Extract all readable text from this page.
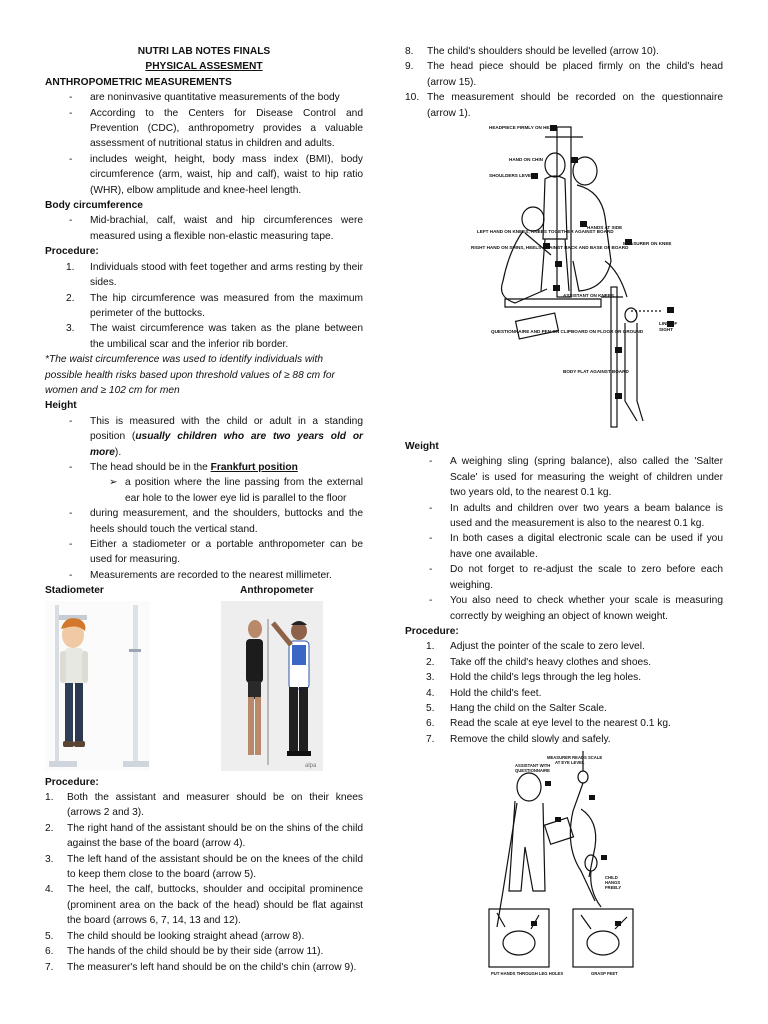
NUTRI LAB NOTES FINALS
PHYSICAL ASSESMENT
ANTHROPOMETRIC MEASUREMENTS
-	are noninvasive quantitative measurements of the body
-	According to the Centers for Disease Control and Prevention (CDC), anthropometry provides a valuable assessment of nutritional status in children and adults.
-	includes weight, height, body mass index (BMI), body circumference (arm, waist, hip and calf), waist to hip ratio (WHR), elbow amplitude and knee-heel length.
Body circumference
-	Mid-brachial, calf, waist and hip circumferences were measured using a flexible non-elastic measuring tape.
Procedure:
1.	Individuals stood with feet together and arms resting by their sides.
2.	The hip circumference was measured from the maximum perimeter of the buttocks.
3.	The waist circumference was taken as the plane between the umbilical scar and the inferior rib border.
*The waist circumference was used to identify individuals with possible health risks based upon threshold values of ≥ 88 cm for women and ≥ 102 cm for men
Height
-	This is measured with the child or adult in a standing position (usually children who are two years old or more).
-	The head should be in the Frankfurt position
➢ a position where the line passing from the external ear hole to the lower eye lid is parallel to the floor
-	during measurement, and the shoulders, buttocks and the heels should touch the vertical stand.
-	Either a stadiometer or a portable anthropometer can be used for measuring.
-	Measurements are recorded to the nearest millimeter.
Stadiometer	Anthropometer
alpa
Procedure:
1.	Both the assistant and measurer should be on their knees (arrows 2 and 3).
2.	The right hand of the assistant should be on the shins of the child against the base of the board (arrow 4).
3.	The left hand of the assistant should be on the knees of the child to keep them close to the board (arrow 5).
4.	The heel, the calf, buttocks, shoulder and occipital prominence (prominent area on the back of the head) should be flat against the board (arrows 6, 7, 14, 13 and 12).
5.	The child should be looking straight ahead (arrow 8).
6.	The hands of the child should be by their side (arrow 11).
7.	The measurer's left hand should be on the child's chin (arrow 9).
8.	The child's shoulders should be levelled (arrow 10).
9.	The head piece should be placed firmly on the child's head (arrow 15).
10. The measurement should be recorded on the questionnaire (arrow 1).
HEADPIECE FIRMLY ON HEAD
HAND ON CHIN
SHOULDERS LEVEL
HANDS AT SIDE
LEFT HAND ON KNEES; KNEES TOGETHER AGAINST BOARD
RIGHT HAND ON SHINS, HEELS AGAINST BACK AND BASE OF BOARD
MEASURER ON KNEE
ASSISTANT ON KNEES
QUESTIONNAIRE AND PEN ON CLIPBOARD ON FLOOR OR GROUND
LINE OF
SIGHT
BODY FLAT AGAINST BOARD
Weight
-	A weighing sling (spring balance), also called the 'Salter Scale' is used for measuring the weight of children under two years old, to the nearest 0.1 kg.
-	In adults and children over two years a beam balance is used and the measurement is also to the nearest 0.1 kg.
-	In both cases a digital electronic scale can be used if you have one available.
-	Do not forget to re-adjust the scale to zero before each weighing.
-	You also need to check whether your scale is measuring correctly by weighing an object of known weight.
Procedure:
1.	Adjust the pointer of the scale to zero level.
2.	Take off the child's heavy clothes and shoes.
3.	Hold the child's legs through the leg holes.
4.	Hold the child's feet.
5.	Hang the child on the Salter Scale.
6.	Read the scale at eye level to the nearest 0.1 kg.
7.	Remove the child slowly and safely.
MEASURER READS SCALE
AT EYE LEVEL
ASSISTANT WITH
QUESTIONNAIRE
CHILD
HANGS
FREELY
PUT HANDS THROUGH LEG HOLES	GRASP FEET
